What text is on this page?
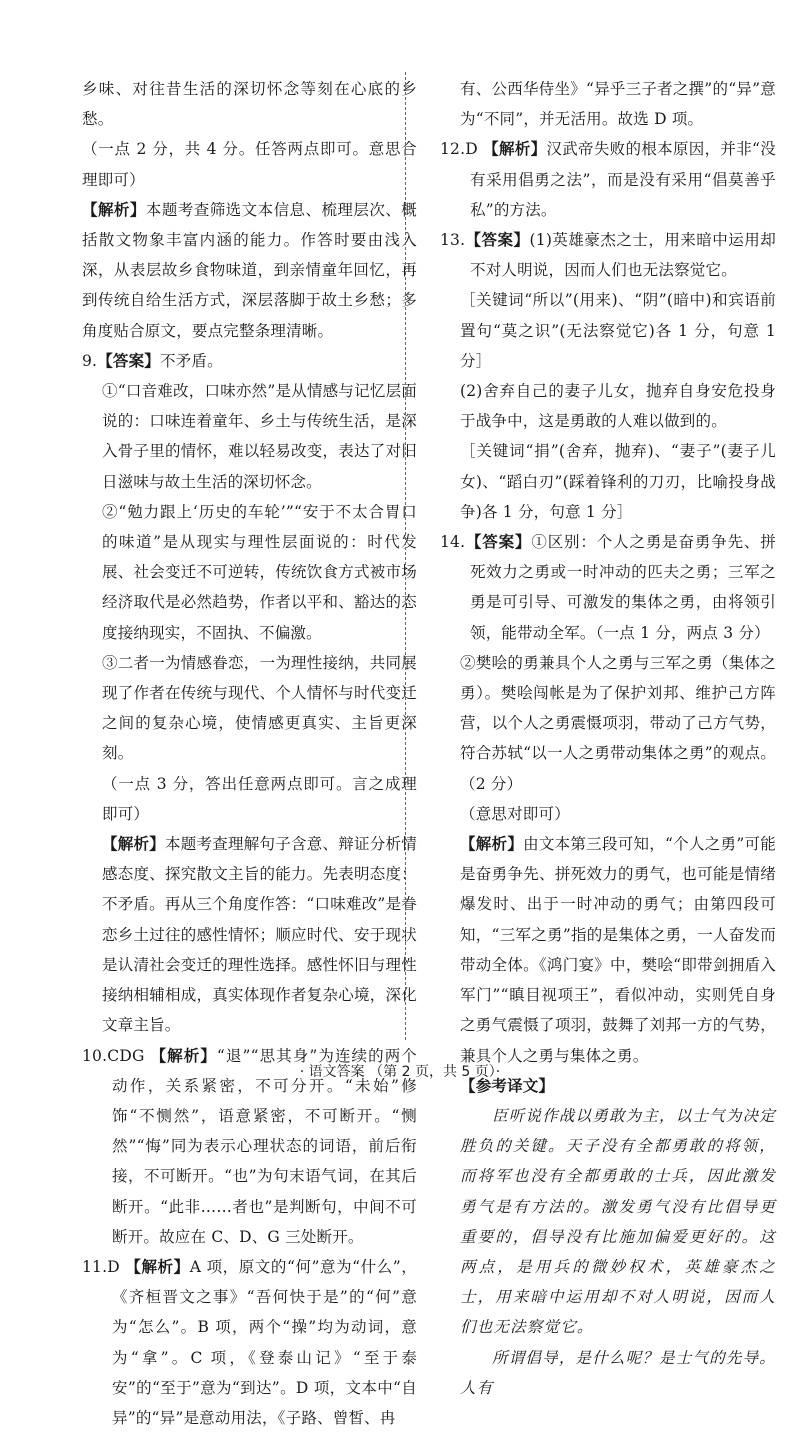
乡味、对往昔生活的深切怀念等刻在心底的乡愁。

（一点 2 分，共 4 分。任答两点即可。意思合理即可）

【解析】本题考查筛选文本信息、梳理层次、概括散文物象丰富内涵的能力。作答时要由浅入深，从表层故乡食物味道，到亲情童年回忆，再到传统自给生活方式，深层落脚于故土乡愁；多角度贴合原文，要点完整条理清晰。

9.【答案】不矛盾。

①“口音难改，口味亦然”是从情感与记忆层面说的：口味连着童年、乡土与传统生活，是深入骨子里的情怀，难以轻易改变，表达了对旧日滋味与故土生活的深切怀念。

②“勉力跟上‘历史的车轮’”“安于不太合胃口的味道”是从现实与理性层面说的：时代发展、社会变迁不可逆转，传统饮食方式被市场经济取代是必然趋势，作者以平和、豁达的态度接纳现实，不固执、不偏激。

③二者一为情感眷恋，一为理性接纳，共同展现了作者在传统与现代、个人情怀与时代变迁之间的复杂心境，使情感更真实、主旨更深刻。

（一点 3 分，答出任意两点即可。言之成理即可）

【解析】本题考查理解句子含意、辩证分析情感态度、探究散文主旨的能力。先表明态度：不矛盾。再从三个角度作答：“口味难改”是眷恋乡土过往的感性情怀；顺应时代、安于现状是认清社会变迁的理性选择。感性怀旧与理性接纳相辅相成，真实体现作者复杂心境，深化文章主旨。

10.CDG 【解析】“退”“思其身”为连续的两个动作，关系紧密，不可分开。“未始”修饰“不恻然”，语意紧密，不可断开。“恻然”“悔”同为表示心理状态的词语，前后衔接，不可断开。“也”为句末语气词，在其后断开。“此非……者也”是判断句，中间不可断开。故应在 C、D、G 三处断开。

11.D 【解析】A 项，原文的“何”意为“什么”，《齐桓晋文之事》“吾何快于是”的“何”意为“怎么”。B 项，两个“操”均为动词，意为“拿”。C 项，《登泰山记》“至于泰安”的“至于”意为“到达”。D 项，文本中“自异”的“异”是意动用法，《子路、曾皙、冉

有、公西华侍坐》“异乎三子者之撰”的“异”意为“不同”，并无活用。故选 D 项。

12.D 【解析】汉武帝失败的根本原因，并非“没有采用倡勇之法”，而是没有采用“倡莫善乎私”的方法。

13.【答案】(1)英雄豪杰之士，用来暗中运用却不对人明说，因而人们也无法察觉它。

［关键词“所以”(用来)、“阴”(暗中)和宾语前置句“莫之识”(无法察觉它)各 1 分，句意 1 分］

(2)舍弃自己的妻子儿女，抛弃自身安危投身于战争中，这是勇敢的人难以做到的。

［关键词“捐”(舍弃，抛弃)、“妻子”(妻子儿女)、“蹈白刃”(踩着锋利的刀刃，比喻投身战争)各 1 分，句意 1 分］

14.【答案】①区别：个人之勇是奋勇争先、拼死效力之勇或一时冲动的匹夫之勇；三军之勇是可引导、可激发的集体之勇，由将领引领，能带动全军。（一点 1 分，两点 3 分）

②樊哙的勇兼具个人之勇与三军之勇（集体之勇）。樊哙闯帐是为了保护刘邦、维护己方阵营，以个人之勇震慑项羽，带动了己方气势，符合苏轼“以一人之勇带动集体之勇”的观点。（2 分）

（意思对即可）

【解析】由文本第三段可知，“个人之勇”可能是奋勇争先、拼死效力的勇气，也可能是情绪爆发时、出于一时冲动的勇气；由第四段可知，“三军之勇”指的是集体之勇，一人奋发而带动全体。《鸿门宴》中，樊哙“即带剑拥盾入军门”“瞋目视项王”，看似冲动，实则凭自身之勇气震慑了项羽，鼓舞了刘邦一方的气势，兼具个人之勇与集体之勇。

【参考译文】

臣听说作战以勇敢为主，以士气为决定胜负的关键。天子没有全都勇敢的将领，而将军也没有全都勇敢的士兵，因此激发勇气是有方法的。激发勇气没有比倡导更重要的，倡导没有比施加偏爱更好的。这两点，是用兵的微妙权术，英雄豪杰之士，用来暗中运用却不对人明说，因而人们也无法察觉它。

所谓倡导，是什么呢？是士气的先导。人有

· 语文答案 （第 2 页，共 5 页）·
